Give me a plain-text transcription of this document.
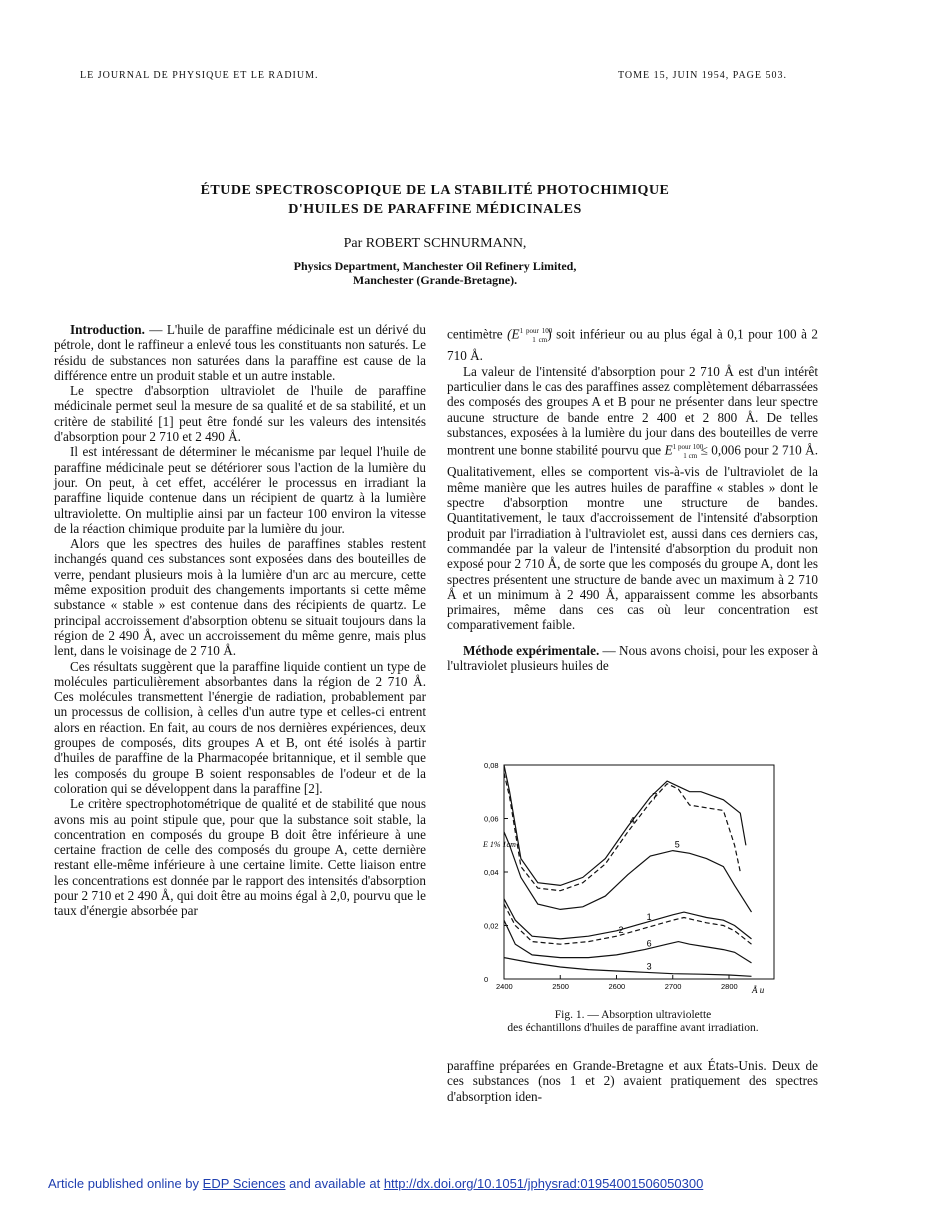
LE JOURNAL DE PHYSIQUE ET LE RADIUM.	TOME 15, JUIN 1954, PAGE 503.
ÉTUDE SPECTROSCOPIQUE DE LA STABILITÉ PHOTOCHIMIQUE
D'HUILES DE PARAFFINE MÉDICINALES
Par ROBERT SCHNURMANN,
Physics Department, Manchester Oil Refinery Limited,
Manchester (Grande-Bretagne).

Introduction. — L'huile de paraffine médicinale est un dérivé du pétrole, dont le raffineur a enlevé tous les constituants non saturés. Le résidu de substances non saturées dans la paraffine est cause de la différence entre un produit stable et un autre instable.

Le spectre d'absorption ultraviolet de l'huile de paraffine médicinale permet seul la mesure de sa qualité et de sa stabilité, et un critère de stabilité [1] peut être fondé sur les valeurs des intensités d'absorption pour 2 710 et 2 490 Å.

Il est intéressant de déterminer le mécanisme par lequel l'huile de paraffine médicinale peut se détériorer sous l'action de la lumière du jour. On peut, à cet effet, accélérer le processus en irradiant la paraffine liquide contenue dans un récipient de quartz à la lumière ultraviolette. On multiplie ainsi par un facteur 100 environ la vitesse de la réaction chimique produite par la lumière du jour.

Alors que les spectres des huiles de paraffines stables restent inchangés quand ces substances sont exposées dans des bouteilles de verre, pendant plusieurs mois à la lumière d'un arc au mercure, cette même exposition produit des changements importants si cette même substance « stable » est contenue dans des récipients de quartz. Le principal accroissement d'absorption obtenu se situait toujours dans la région de 2 490 Å, avec un accroissement du même genre, mais plus lent, dans le voisinage de 2 710 Å.

Ces résultats suggèrent que la paraffine liquide contient un type de molécules particulièrement absorbantes dans la région de 2 710 Å. Ces molécules transmettent l'énergie de radiation, probablement par un processus de collision, à celles d'un autre type et celles-ci entrent alors en réaction. En fait, au cours de nos dernières expériences, deux groupes de composés, dits groupes A et B, ont été isolés à partir d'huiles de paraffine de la Pharmacopée britannique, et il semble que les composés du groupe B soient responsables de l'odeur et de la coloration qui se développent dans la paraffine [2].

Le critère spectrophotométrique de qualité et de stabilité que nous avons mis au point stipule que, pour que la substance soit stable, la concentration en composés du groupe B doit être inférieure à une certaine fraction de celle des composés du groupe A, cette dernière restant elle-même inférieure à une certaine limite. Cette liaison entre les concentrations est donnée par le rapport des intensités d'absorption pour 2 710 et 2 490 Å, qui doit être au moins égal à 2,0, pourvu que le taux d'énergie absorbée par

centimètre $(E^{1 pour 100}_{1 cm})$ soit inférieur ou au plus égal à 0,1 pour 100 à 2 710 Å.

La valeur de l'intensité d'absorption pour 2 710 Å est d'un intérêt particulier dans le cas des paraffines assez complètement débarrassées des composés des groupes A et B pour ne présenter dans leur spectre aucune structure de bande entre 2 400 et 2 800 Å. De telles substances, exposées à la lumière du jour dans des bouteilles de verre montrent une bonne stabilité pourvu que $E^{1 pour 100}_{1 cm} \le 0,006$ pour 2 710 Å. Qualitativement, elles se comportent vis-à-vis de l'ultraviolet de la même manière que les autres huiles de paraffine « stables » dont le spectre d'absorption montre une structure de bandes. Quantitativement, le taux d'accroissement de l'intensité d'absorption produit par l'irradiation à l'ultraviolet est, aussi dans ces derniers cas, commandée par la valeur de l'intensité d'absorption du produit non exposé pour 2 710 Å, de sorte que les composés du groupe A, dont les spectres présentent une structure de bande avec un maximum à 2 710 Å et un minimum à 2 490 Å, apparaissent comme les absorbants primaires, même dans ces cas où leur concentration est comparativement faible.

Méthode expérimentale. — Nous avons choisi, pour les exposer à l'ultraviolet plusieurs huiles de

2400	2500	2600	2700	2800
0
0,02
0,04
0,06
0,08
4
7
5
1
2
6
3
E 1% 1cm
Å u
Fig. 1. — Absorption ultraviolette
des échantillons d'huiles de paraffine avant irradiation.

paraffine préparées en Grande-Bretagne et aux États-Unis. Deux de ces substances (nos 1 et 2) avaient pratiquement des spectres d'absorption iden-

Article published online by EDP Sciences and available at http://dx.doi.org/10.1051/jphysrad:01954001506050300
